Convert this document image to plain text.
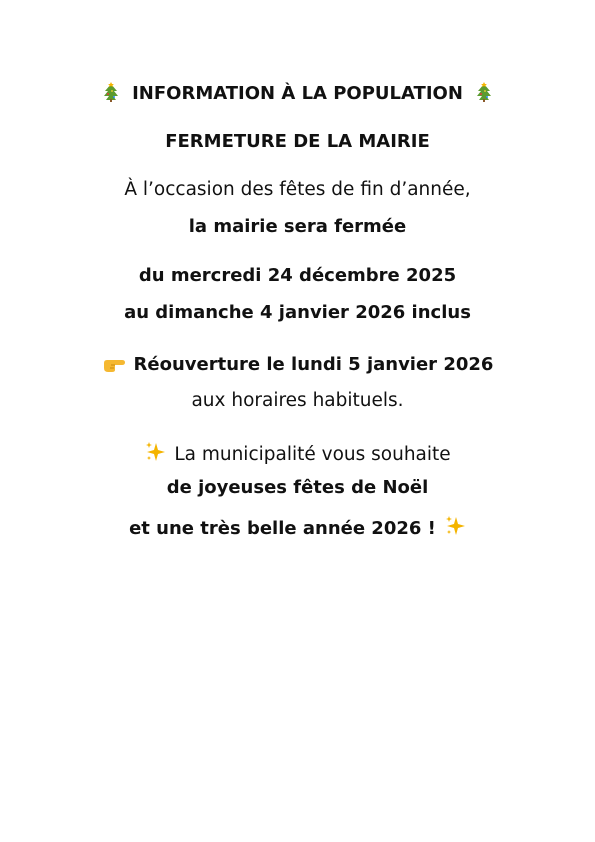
INFORMATION À LA POPULATION
FERMETURE DE LA MAIRIE
À l’occasion des fêtes de fin d’année,
la mairie sera fermée
du mercredi 24 décembre 2025
au dimanche 4 janvier 2026 inclus
Réouverture le lundi 5 janvier 2026
aux horaires habituels.
La municipalité vous souhaite
de joyeuses fêtes de Noël
et une très belle année 2026 !
